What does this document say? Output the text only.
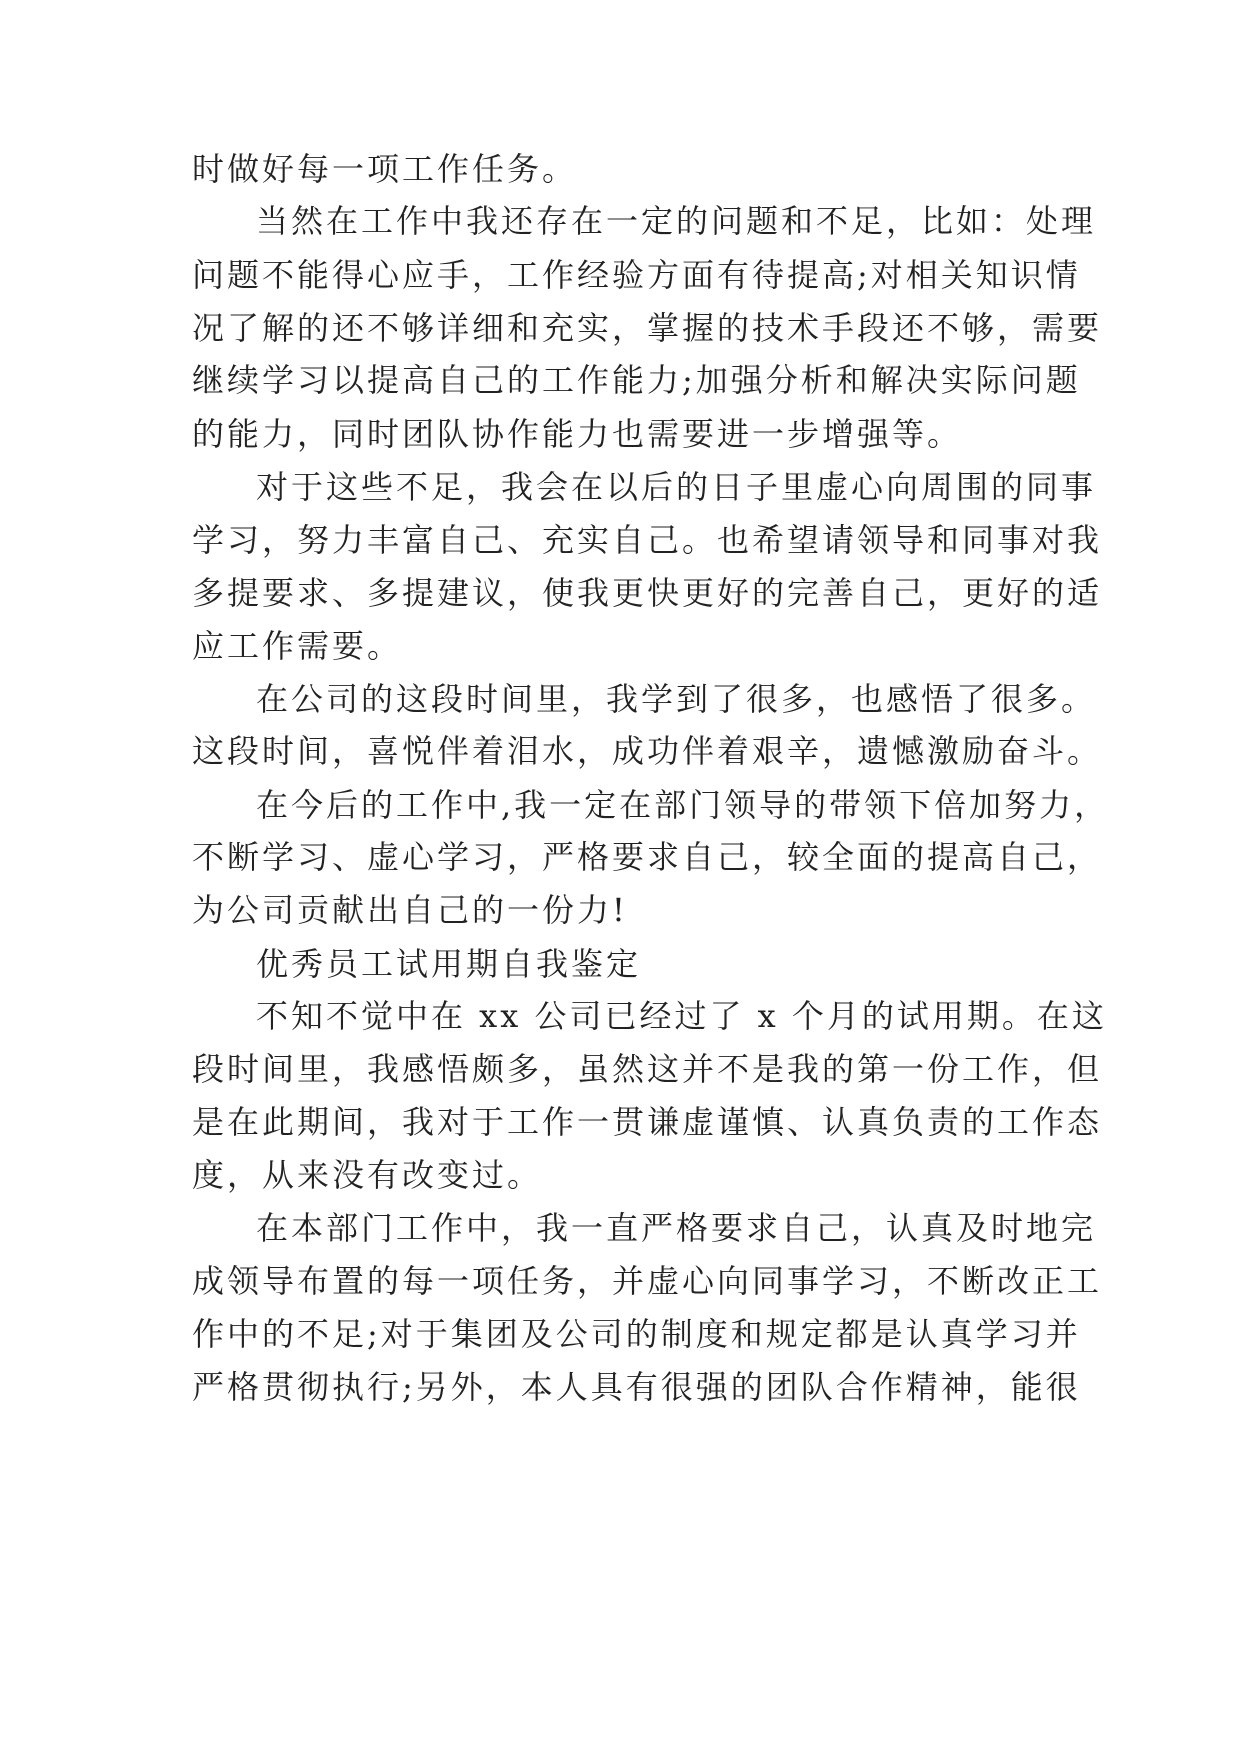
时做好每一项工作任务。
当然在工作中我还存在一定的问题和不足，比如：处理
问题不能得心应手，工作经验方面有待提高;对相关知识情
况了解的还不够详细和充实，掌握的技术手段还不够，需要
继续学习以提高自己的工作能力;加强分析和解决实际问题
的能力，同时团队协作能力也需要进一步增强等。
对于这些不足，我会在以后的日子里虚心向周围的同事
学习，努力丰富自己、充实自己。也希望请领导和同事对我
多提要求、多提建议，使我更快更好的完善自己，更好的适
应工作需要。
在公司的这段时间里，我学到了很多，也感悟了很多。
这段时间，喜悦伴着泪水，成功伴着艰辛，遗憾激励奋斗。
在今后的工作中,我一定在部门领导的带领下倍加努力，
不断学习、虚心学习，严格要求自己，较全面的提高自己，
为公司贡献出自己的一份力!
优秀员工试用期自我鉴定
不知不觉中在 xx 公司已经过了 x 个月的试用期。在这
段时间里，我感悟颇多，虽然这并不是我的第一份工作，但
是在此期间，我对于工作一贯谦虚谨慎、认真负责的工作态
度，从来没有改变过。
在本部门工作中，我一直严格要求自己，认真及时地完
成领导布置的每一项任务，并虚心向同事学习，不断改正工
作中的不足;对于集团及公司的制度和规定都是认真学习并
严格贯彻执行;另外，本人具有很强的团队合作精神，能很
